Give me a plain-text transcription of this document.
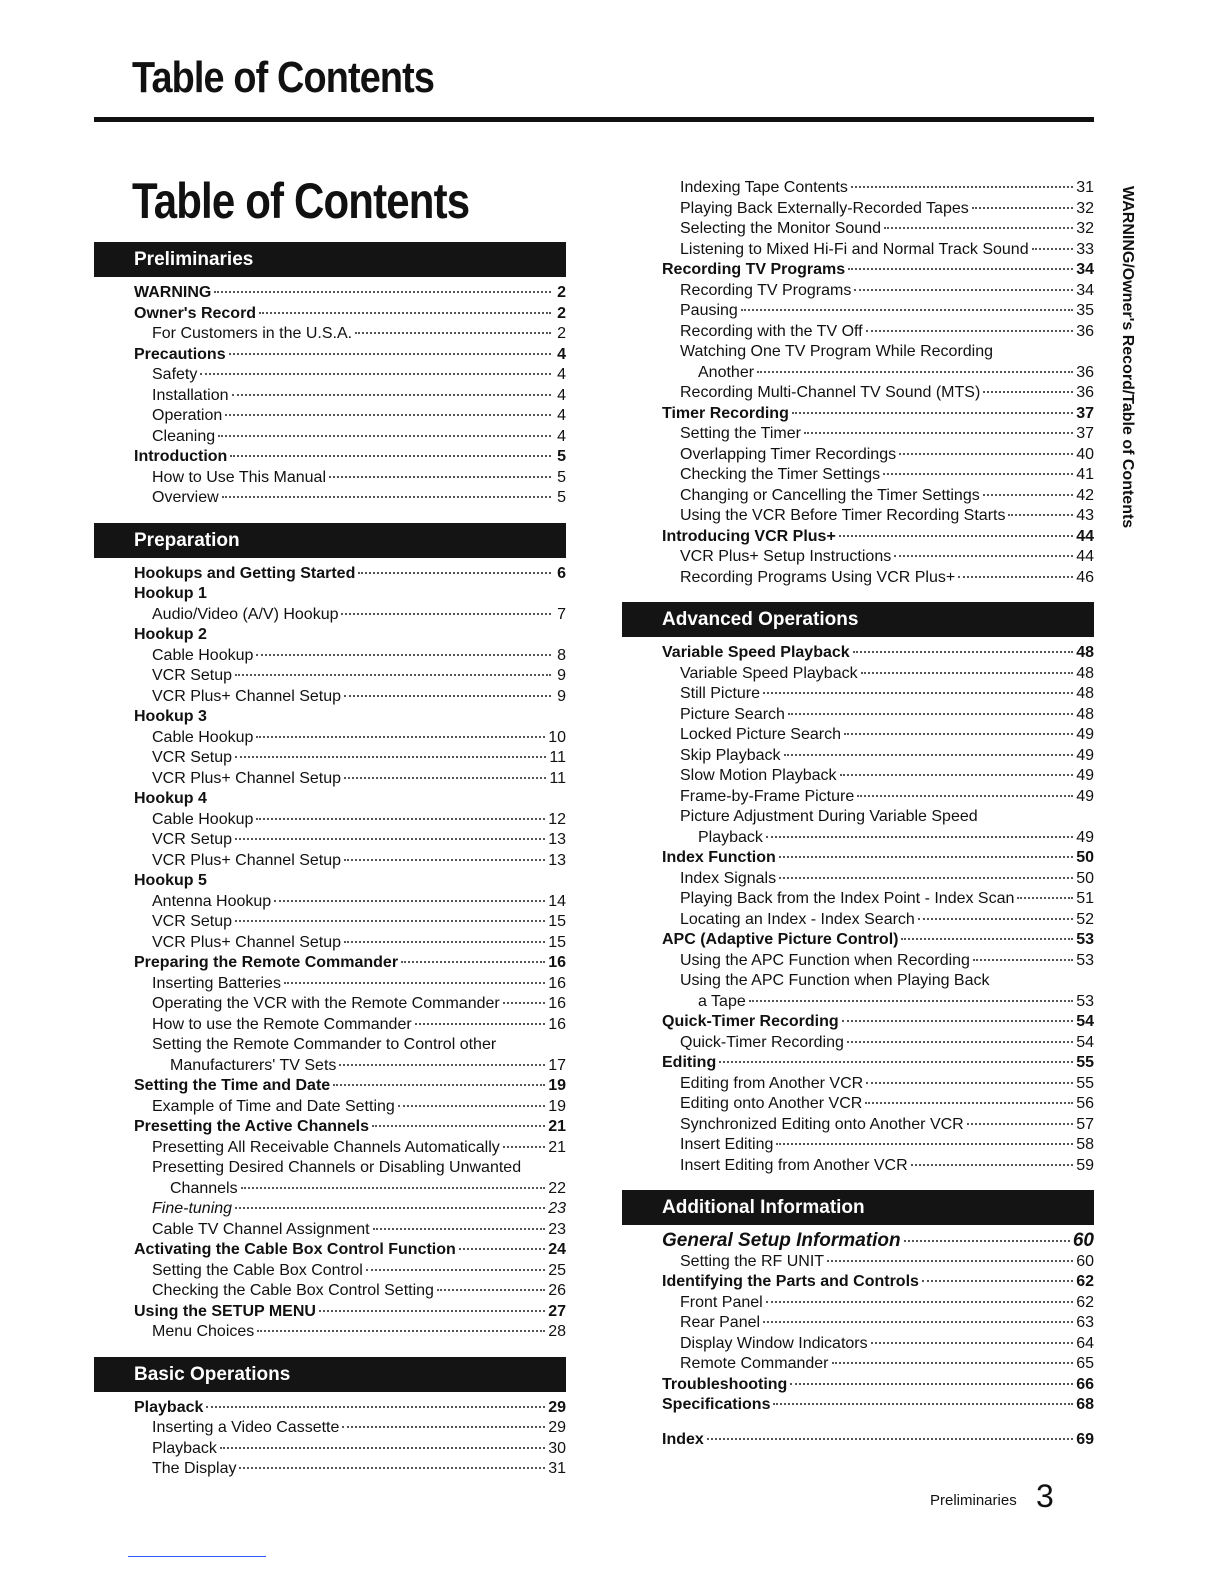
Table of Contents
Table of Contents
Preliminaries
WARNING	2
Owner's Record	2
For Customers in the U.S.A.	2
Precautions	4
Safety	4
Installation	4
Operation	4
Cleaning	4
Introduction	5
How to Use This Manual	5
Overview	5
Preparation
Hookups and Getting Started	6
Hookup 1
Audio/Video (A/V) Hookup	7
Hookup 2
Cable Hookup	8
VCR Setup	9
VCR Plus+ Channel Setup	9
Hookup 3
Cable Hookup	10
VCR Setup	11
VCR Plus+ Channel Setup	11
Hookup 4
Cable Hookup	12
VCR Setup	13
VCR Plus+ Channel Setup	13
Hookup 5
Antenna Hookup	14
VCR Setup	15
VCR Plus+ Channel Setup	15
Preparing the Remote Commander	16
Inserting Batteries	16
Operating the VCR with the Remote Commander	16
How to use the Remote Commander	16
Setting the Remote Commander to Control other
Manufacturers' TV Sets	17
Setting the Time and Date	19
Example of Time and Date Setting	19
Presetting the Active Channels	21
Presetting All Receivable Channels Automatically	21
Presetting Desired Channels or Disabling Unwanted
Channels	22
Fine-tuning	23
Cable TV Channel Assignment	23
Activating the Cable Box Control Function	24
Setting the Cable Box Control	25
Checking the Cable Box Control Setting	26
Using the SETUP MENU	27
Menu Choices	28
Basic Operations
Playback	29
Inserting a Video Cassette	29
Playback	30
The Display	31
Indexing Tape Contents	31
Playing Back Externally-Recorded Tapes	32
Selecting the Monitor Sound	32
Listening to Mixed Hi-Fi and Normal Track Sound	33
Recording TV Programs	34
Recording TV Programs	34
Pausing	35
Recording with the TV Off	36
Watching One TV Program While Recording
Another	36
Recording Multi-Channel TV Sound (MTS)	36
Timer Recording	37
Setting the Timer	37
Overlapping Timer Recordings	40
Checking the Timer Settings	41
Changing or Cancelling the Timer Settings	42
Using the VCR Before Timer Recording Starts	43
Introducing VCR Plus+	44
VCR Plus+ Setup Instructions	44
Recording Programs Using VCR Plus+	46
Advanced Operations
Variable Speed Playback	48
Variable Speed Playback	48
Still Picture	48
Picture Search	48
Locked Picture Search	49
Skip Playback	49
Slow Motion Playback	49
Frame-by-Frame Picture	49
Picture Adjustment During Variable Speed
Playback	49
Index Function	50
Index Signals	50
Playing Back from the Index Point - Index Scan	51
Locating an Index - Index Search	52
APC (Adaptive Picture Control)	53
Using the APC Function when Recording	53
Using the APC Function when Playing Back
a Tape	53
Quick-Timer Recording	54
Quick-Timer Recording	54
Editing	55
Editing from Another VCR	55
Editing onto Another VCR	56
Synchronized Editing onto Another VCR	57
Insert Editing	58
Insert Editing from Another VCR	59
Additional Information
General Setup Information	60
Setting the RF UNIT	60
Identifying the Parts and Controls	62
Front Panel	62
Rear Panel	63
Display Window Indicators	64
Remote Commander	65
Troubleshooting	66
Specifications	68
Index	69
WARNING/Owner's Record/Table of Contents
Preliminaries 3
